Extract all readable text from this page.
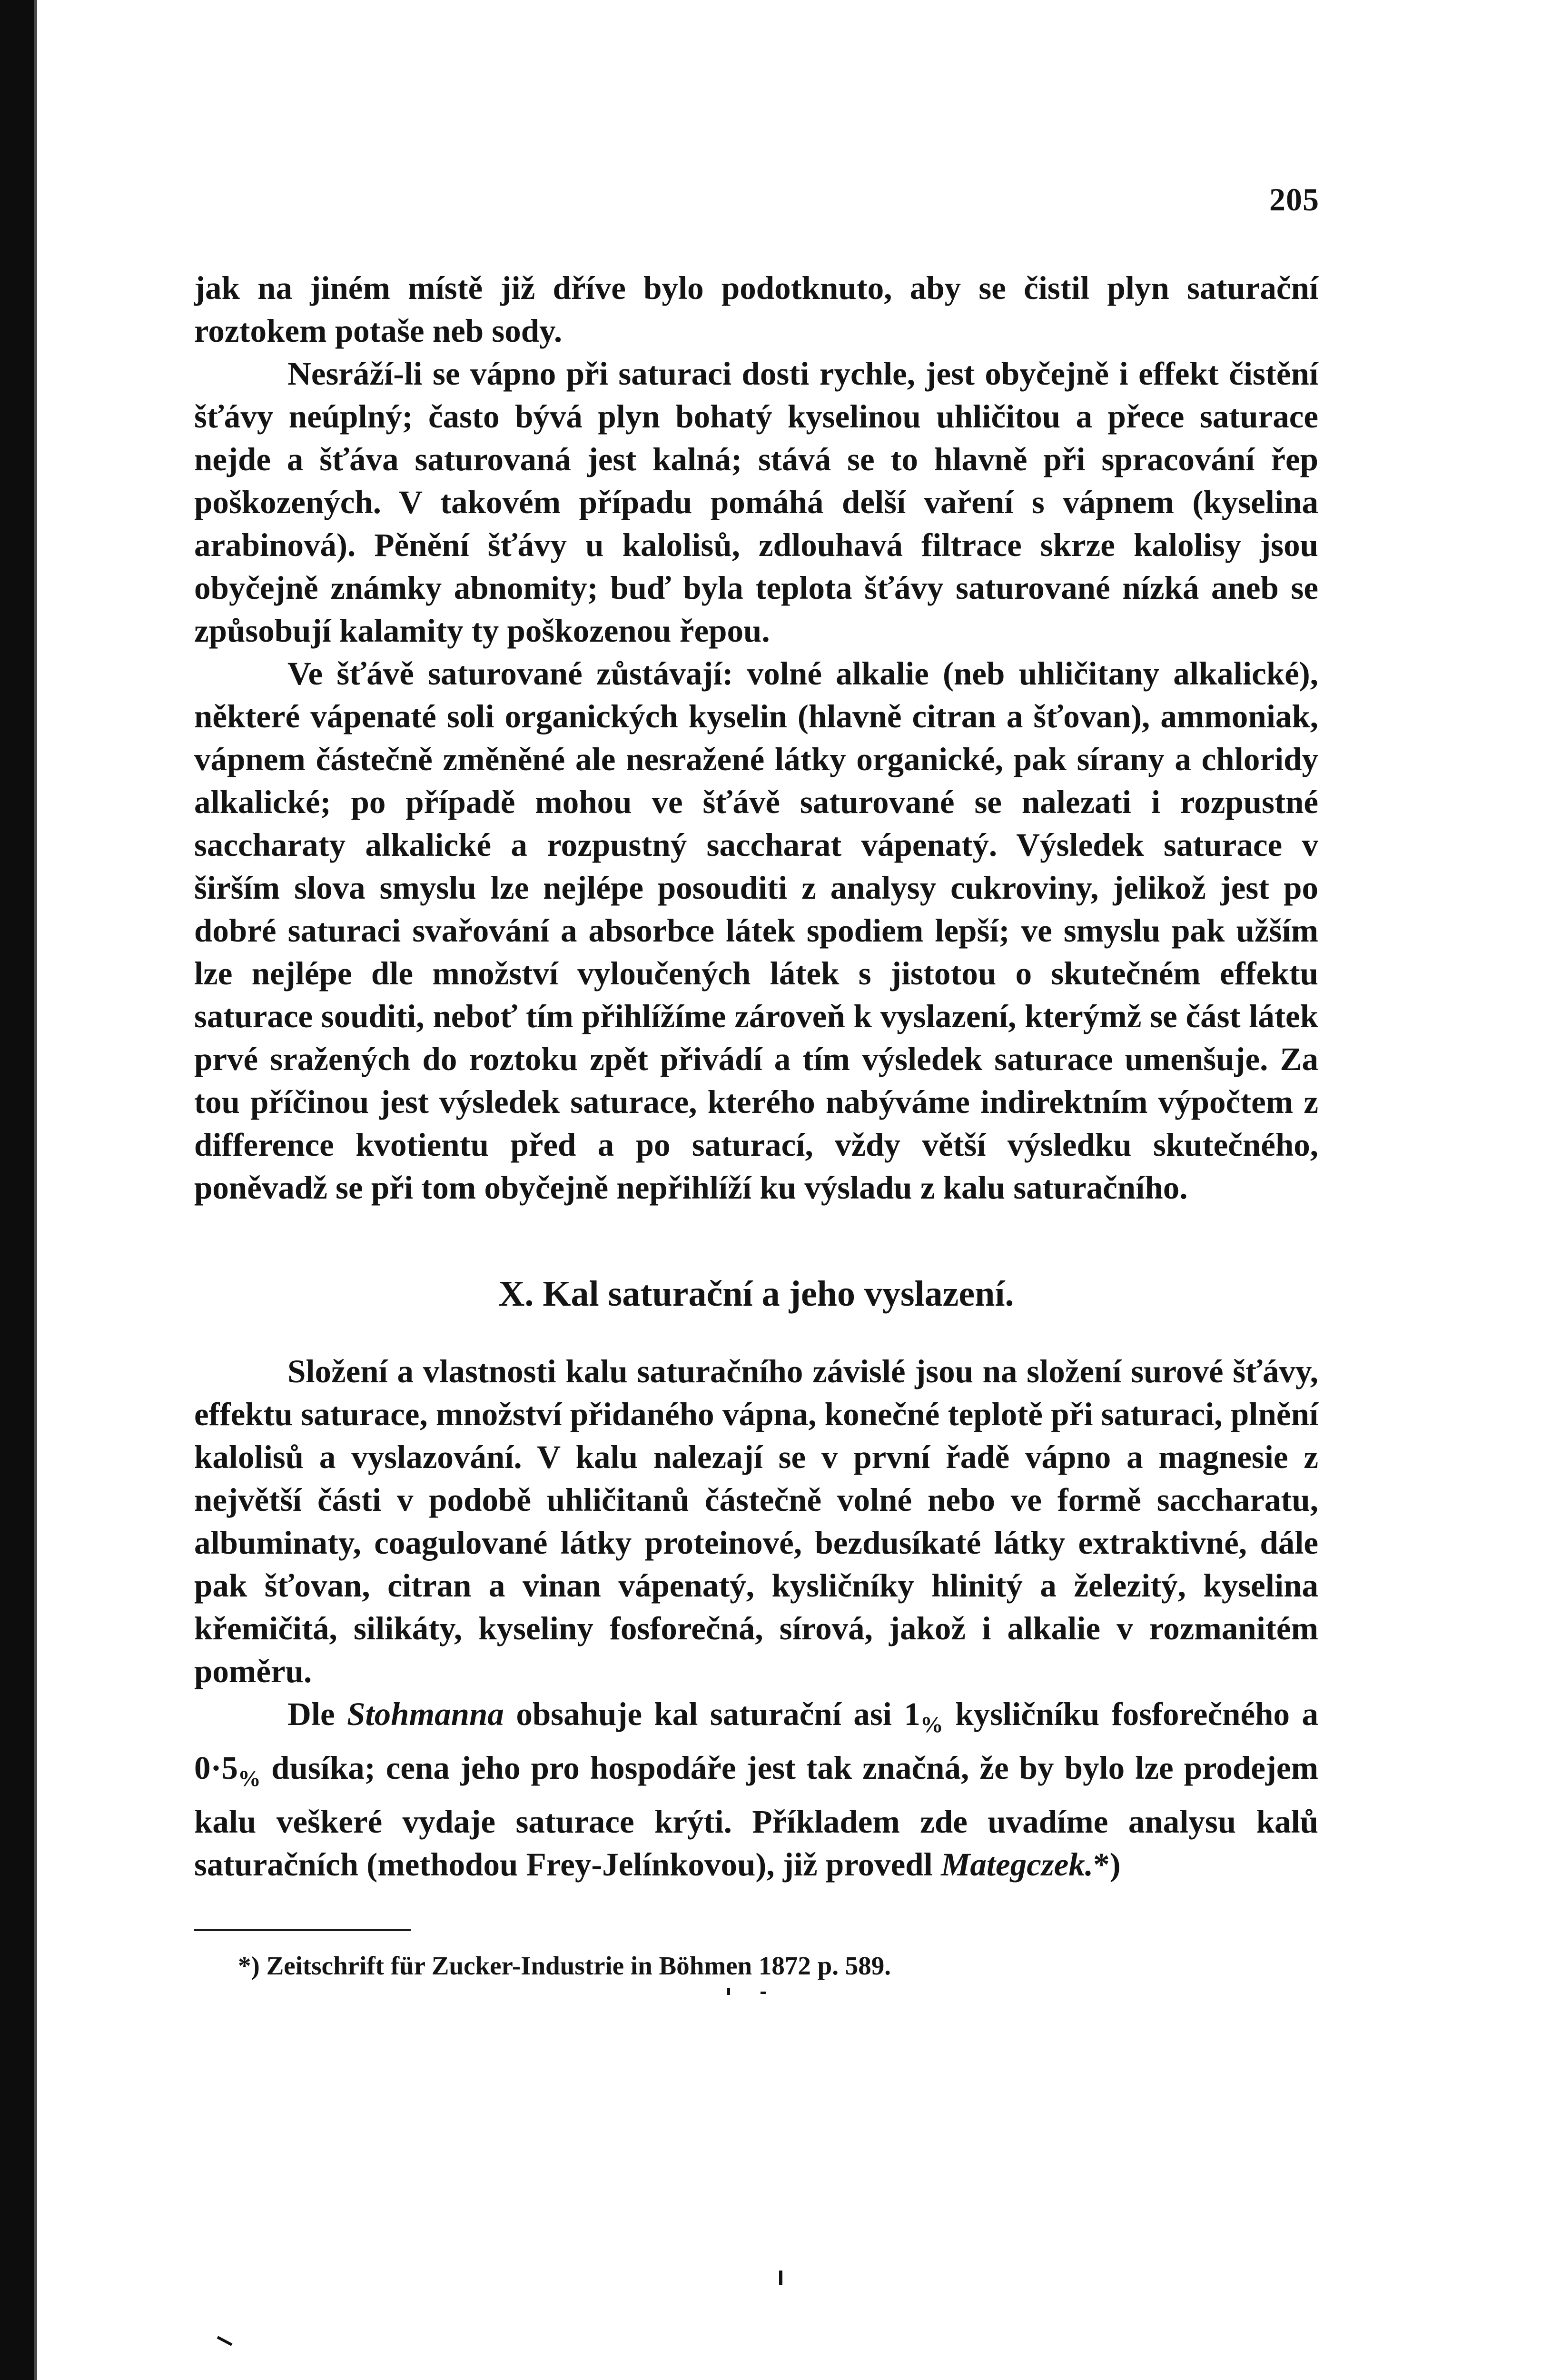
205

jak na jiném místě již dříve bylo podotknuto, aby se čistil plyn saturační roztokem potaše neb sody.

Nesráží-li se vápno při saturaci dosti rychle, jest obyčejně i effekt čistění šťávy neúplný; často bývá plyn bohatý kyselinou uhličitou a přece saturace nejde a šťáva saturovaná jest kalná; stává se to hlavně při spracování řep poškozených. V takovém případu pomáhá delší vaření s vápnem (kyselina arabinová). Pěnění šťávy u kalolisů, zdlouhavá filtrace skrze kalolisy jsou obyčejně známky abnomity; buď byla teplota šťávy saturované nízká aneb se způsobují kalamity ty poškozenou řepou.

Ve šťávě saturované zůstávají: volné alkalie (neb uhličitany alkalické), některé vápenaté soli organických kyselin (hlavně citran a šťovan), ammoniak, vápnem částečně změněné ale nesražené látky organické, pak sírany a chloridy alkalické; po případě mohou ve šťávě saturované se nalezati i rozpustné saccharaty alkalické a rozpustný saccharat vápenatý. Výsledek saturace v širším slova smyslu lze nejlépe posouditi z analysy cukroviny, jelikož jest po dobré saturaci svařování a absorbce látek spodiem lepší; ve smyslu pak užším lze nejlépe dle množství vyloučených látek s jistotou o skutečném effektu saturace souditi, neboť tím přihlížíme zároveň k vyslazení, kterýmž se část látek prvé sražených do roztoku zpět přivádí a tím výsledek saturace umenšuje. Za tou příčinou jest výsledek saturace, kterého nabýváme indirektním výpočtem z difference kvotientu před a po saturací, vždy větší výsledku skutečného, poněvadž se při tom obyčejně nepřihlíží ku výsladu z kalu saturačního.

X. Kal saturační a jeho vyslazení.

Složení a vlastnosti kalu saturačního závislé jsou na složení surové šťávy, effektu saturace, množství přidaného vápna, konečné teplotě při saturaci, plnění kalolisů a vyslazování. V kalu nalezají se v první řadě vápno a magnesie z největší části v podobě uhličitanů částečně volné nebo ve formě saccharatu, albuminaty, coagulované látky proteinové, bezdusíkaté látky extraktivné, dále pak šťovan, citran a vinan vápenatý, kysličníky hlinitý a železitý, kyselina křemičitá, silikáty, kyseliny fosforečná, sírová, jakož i alkalie v rozmanitém poměru.

Dle Stohmanna obsahuje kal saturační asi $1_{\%}$ kysličníku fosforečného a $0\cdot 5_{\%}$ dusíka; cena jeho pro hospodáře jest tak značná, že by bylo lze prodejem kalu veškeré vydaje saturace krýti. Příkladem zde uvadíme analysu kalů saturačních (methodou Frey-Jelínkovou), již provedl Mategczek.*)

*) Zeitschrift für Zucker-Industrie in Böhmen 1872 p. 589.
